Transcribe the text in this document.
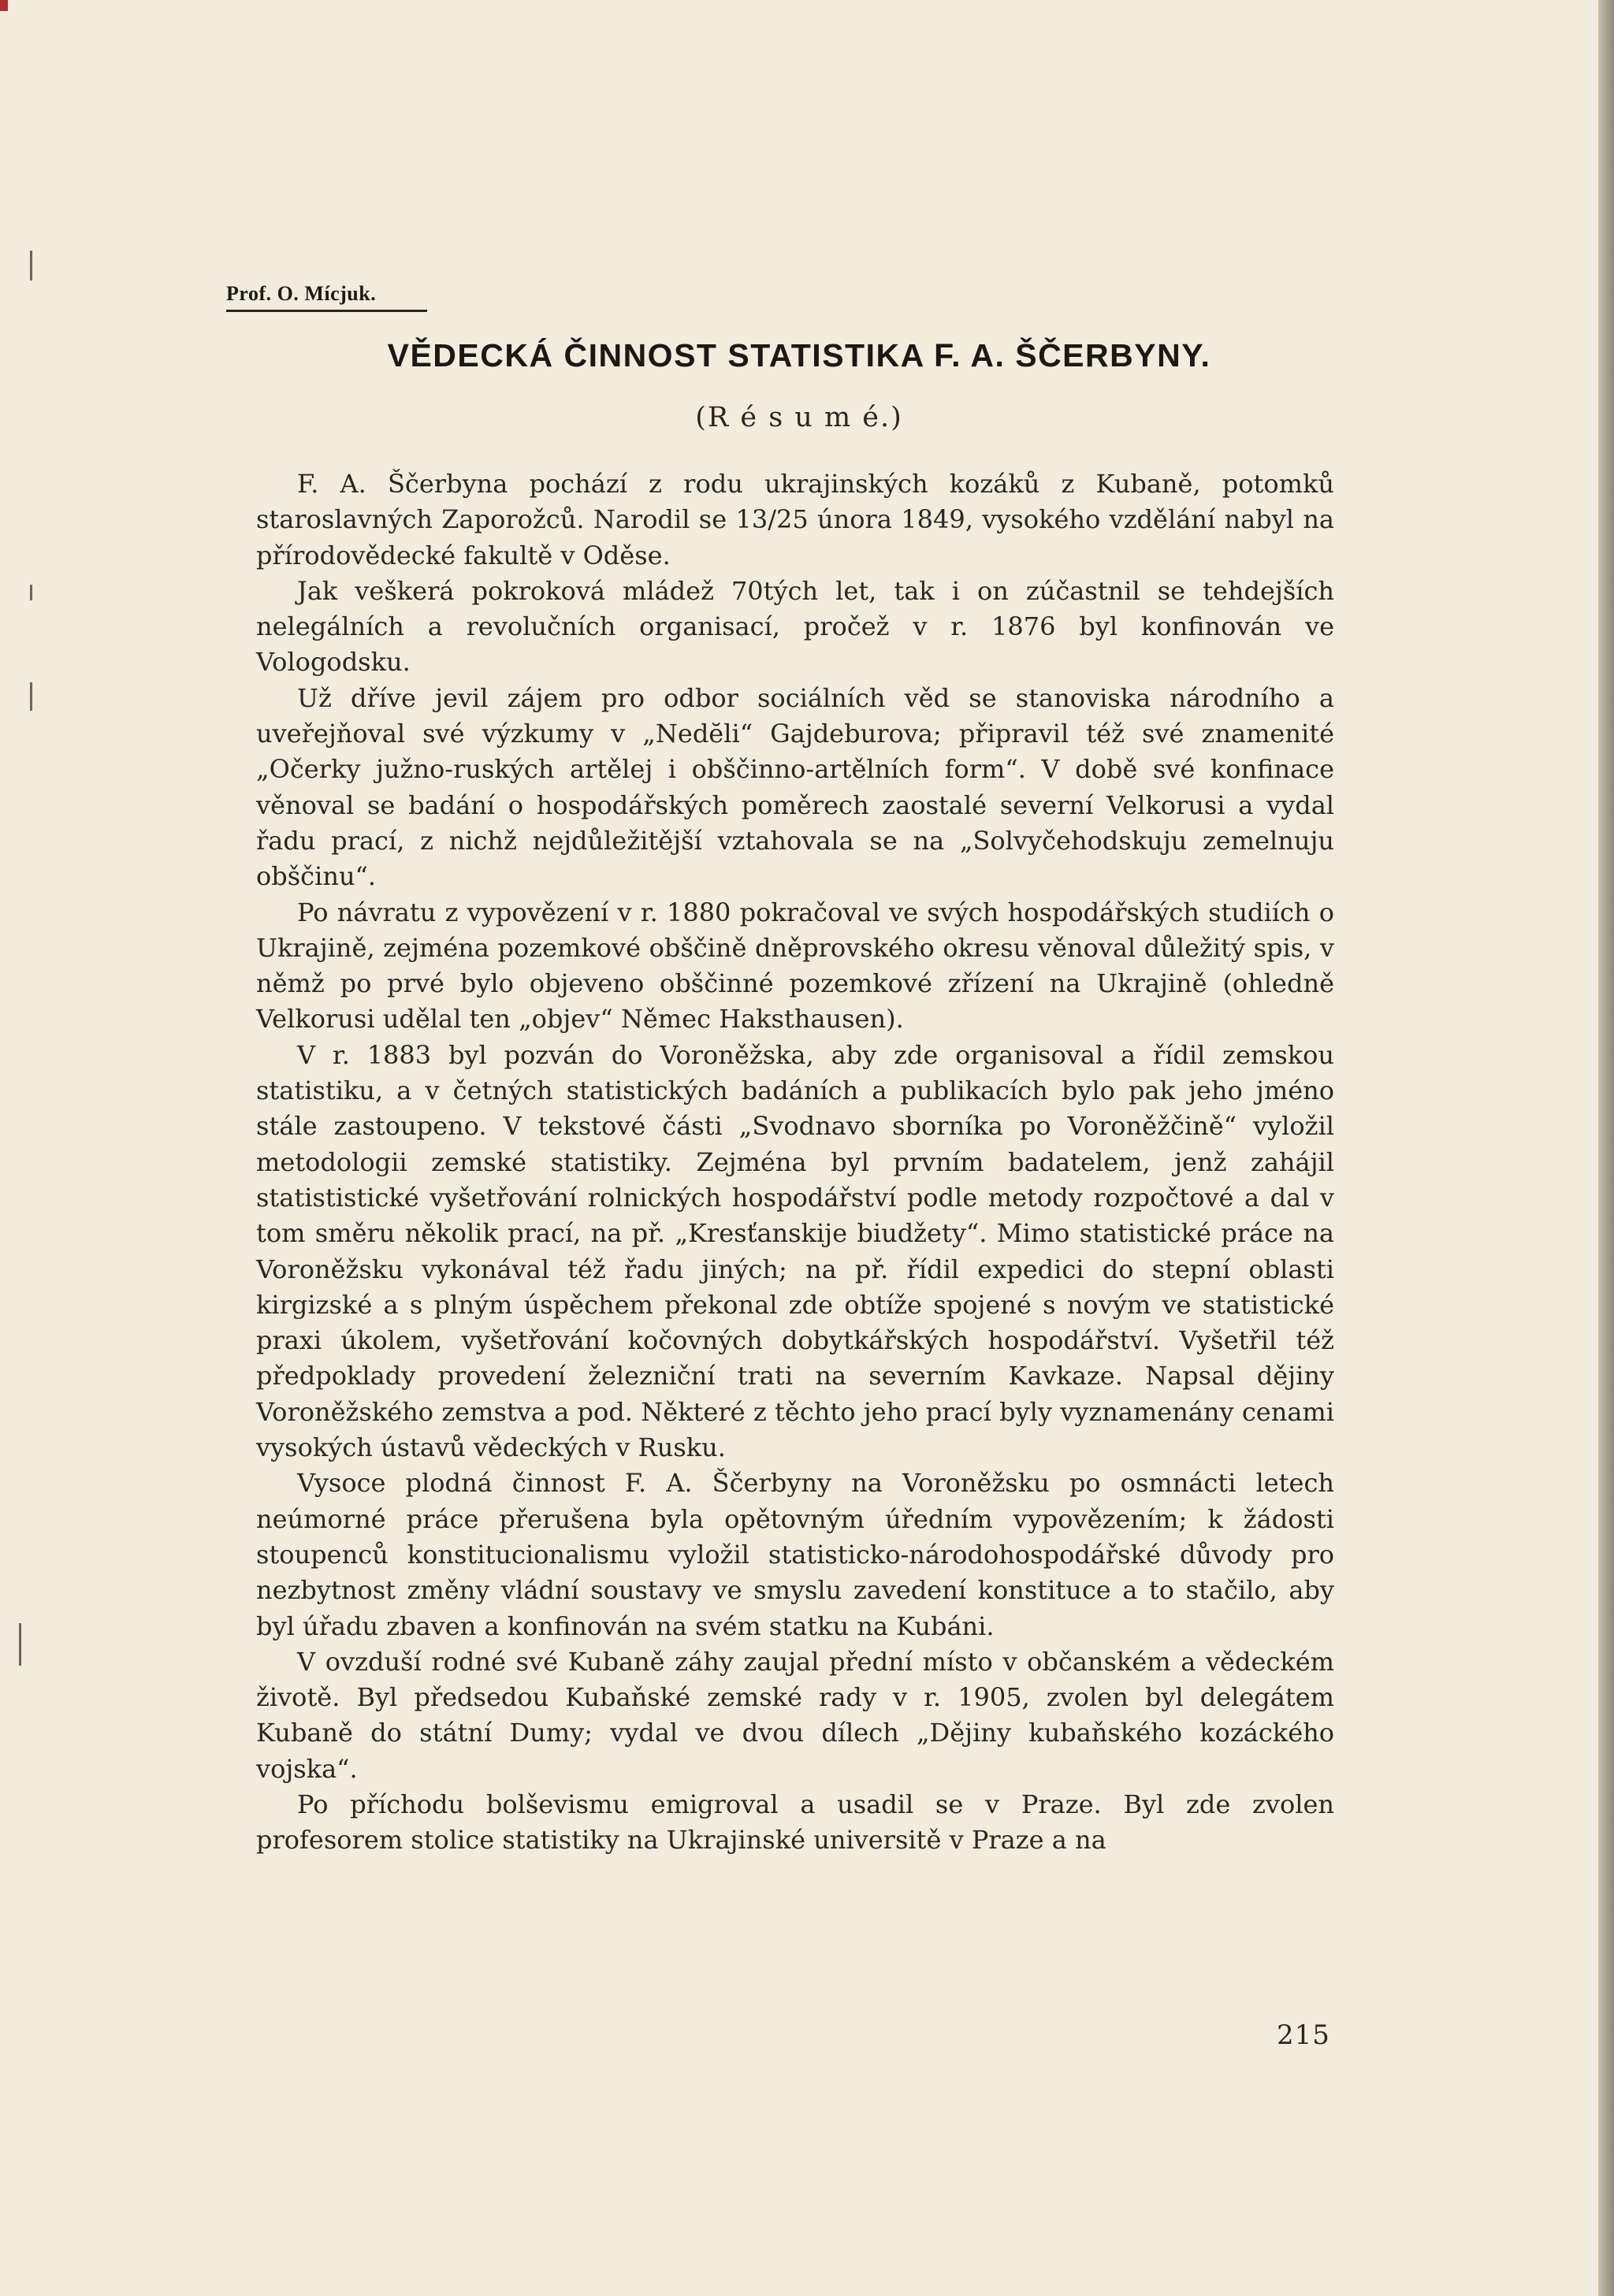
Prof. O. Mícjuk.
VĚDECKÁ ČINNOST STATISTIKA F. A. ŠČERBYNY.
(R é s u m é.)

F. A. Ščerbyna pochází z rodu ukrajinských kozáků z Kubaně, potomků staroslavných Zaporožců. Narodil se 13/25 února 1849, vysokého vzdělání nabyl na přírodovědecké fakultě v Oděse.

Jak veškerá pokroková mládež 70tých let, tak i on zúčastnil se tehdejších nelegálních a revolučních organisací, pročež v r. 1876 byl konfinován ve Vologodsku.

Už dříve jevil zájem pro odbor sociálních věd se stanoviska národního a uveřejňoval své výzkumy v „Nedĕli“ Gajdeburova; připravil též své znamenité „Očerky južno-ruských artělej i obščinno-artělních form“. V době své konfinace věnoval se badání o hospodářských poměrech zaostalé severní Velkorusi a vydal řadu prací, z nichž nejdůležitější vztahovala se na „Solvyčehodskuju zemelnuju obščinu“.

Po návratu z vypovězení v r. 1880 pokračoval ve svých hospodářských studiích o Ukrajině, zejména pozemkové obščině dněprovského okresu věnoval důležitý spis, v němž po prvé bylo objeveno obščinné pozemkové zřízení na Ukrajině (ohledně Velkorusi udělal ten „objev“ Němec Haksthausen).

V r. 1883 byl pozván do Voroněžska, aby zde organisoval a řídil zemskou statistiku, a v četných statistických badáních a publikacích bylo pak jeho jméno stále zastoupeno. V tekstové části „Svodnavo sborníka po Voroněžčině“ vyložil metodologii zemské statistiky. Zejména byl prvním badatelem, jenž zahájil statististické vyšetřování rolnických hospodářství podle metody rozpočtové a dal v tom směru několik prací, na př. „Kresťanskije biudžety“. Mimo statistické práce na Voroněžsku vykonával též řadu jiných; na př. řídil expedici do stepní oblasti kirgizské a s plným úspěchem překonal zde obtíže spojené s novým ve statistické praxi úkolem, vyšetřování kočovných dobytkářských hospodářství. Vyšetřil též předpoklady provedení železniční trati na severním Kavkaze. Napsal dějiny Voroněžského zemstva a pod. Některé z těchto jeho prací byly vyznamenány cenami vysokých ústavů vědeckých v Rusku.

Vysoce plodná činnost F. A. Ščerbyny na Voroněžsku po osmnácti letech neúmorné práce přerušena byla opětovným úředním vypovězením; k žádosti stoupenců konstitucionalismu vyložil statisticko-národohospodářské důvody pro nezbytnost změny vládní soustavy ve smyslu zavedení konstituce a to stačilo, aby byl úřadu zbaven a konfinován na svém statku na Kubáni.

V ovzduší rodné své Kubaně záhy zaujal přední místo v občanském a vědeckém životě. Byl předsedou Kubaňské zemské rady v r. 1905, zvolen byl delegátem Kubaně do státní Dumy; vydal ve dvou dílech „Dějiny kubaňského kozáckého vojska“.

Po příchodu bolševismu emigroval a usadil se v Praze. Byl zde zvolen profesorem stolice statistiky na Ukrajinské universitě v Praze a na

215
